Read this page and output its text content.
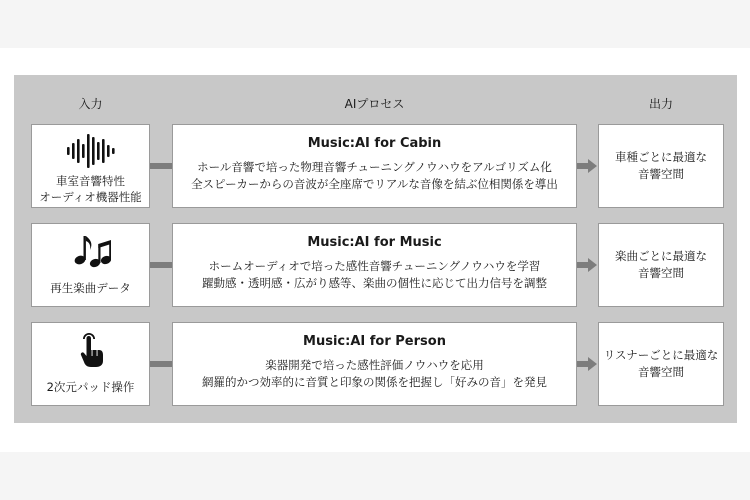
入力	AIプロセス	出力
車室音響特性
オーディオ機器性能
Music:AI for Cabin
ホール音響で培った物理音響チューニングノウハウをアルゴリズム化
全スピーカーからの音波が全座席でリアルな音像を結ぶ位相関係を導出
車種ごとに最適な
音響空間
再生楽曲データ
Music:AI for Music
ホームオーディオで培った感性音響チューニングノウハウを学習
躍動感・透明感・広がり感等、楽曲の個性に応じて出力信号を調整
楽曲ごとに最適な
音響空間
2次元パッド操作
Music:AI for Person
楽器開発で培った感性評価ノウハウを応用
網羅的かつ効率的に音質と印象の関係を把握し「好みの音」を発見
リスナーごとに最適な
音響空間
